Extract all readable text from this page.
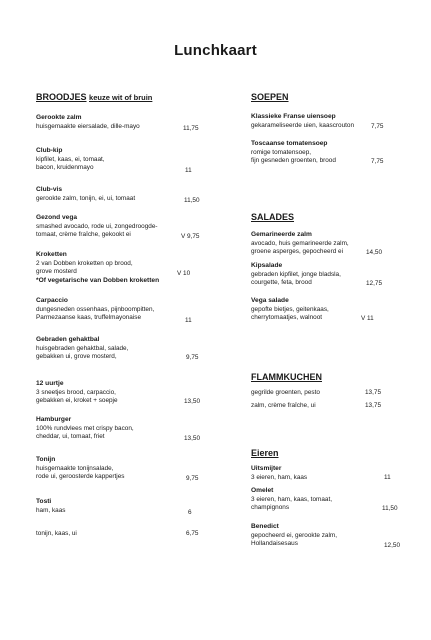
Lunchkaart
BROODJES keuze wit of bruin
Gerookte zalm
huisgemaakte eiersalade, dille-mayo	11,75
Club-kip
kipfilet, kaas, ei, tomaat,
bacon, kruidenmayo	11
Club-vis
gerookte zalm, tonijn, ei, ui, tomaat	11,50
Gezond vega
smashed avocado, rode ui, zongedroogde-
tomaat, crème fraîche, gekookt ei	V 9,75
Kroketten
2 van Dobben kroketten op brood,
grove mosterd
*Of vegetarische van Dobben kroketten
V 10
Carpaccio
dungesneden ossenhaas, pijnboompitten,
Parmezaanse kaas, truffelmayonaise	11
Gebraden gehaktbal
huisgebraden gehaktbal, salade,
gebakken ui, grove mosterd,	9,75
12 uurtje
3 sneetjes brood, carpaccio,
gebakken ei, kroket + soepje	13,50
Hamburger
100% rundvlees met crispy bacon,
cheddar, ui, tomaat, friet	13,50
Tonijn
huisgemaakte tonijnsalade,
rode ui, geroosterde kappertjes	9,75
Tosti
ham, kaas	6
tonijn, kaas, ui	6,75
SOEPEN
Klassieke Franse uiensoep
gekarameliseerde uien, kaascrouton	7,75
Toscaanse tomatensoep
romige tomatensoep,
fijn gesneden groenten, brood	7,75
SALADES
Gemarineerde zalm
avocado, huis gemarineerde zalm,
groene asperges, gepocheerd ei	14,50
Kipsalade
gebraden kipfilet, jonge bladsla,
courgette, feta, brood	12,75
Vega salade
gepofte bietjes, geitenkaas,
cherrytomaatjes, walnoot	V 11
FLAMMKUCHEN
gegrilde groenten, pesto	13,75
zalm, crème fraîche, ui	13,75
Eieren
Uitsmijter
3 eieren, ham, kaas	11
Omelet
3 eieren, ham, kaas, tomaat,
champignons	11,50
Benedict
gepocheerd ei, gerookte zalm,
Hollandaisesaus	12,50
